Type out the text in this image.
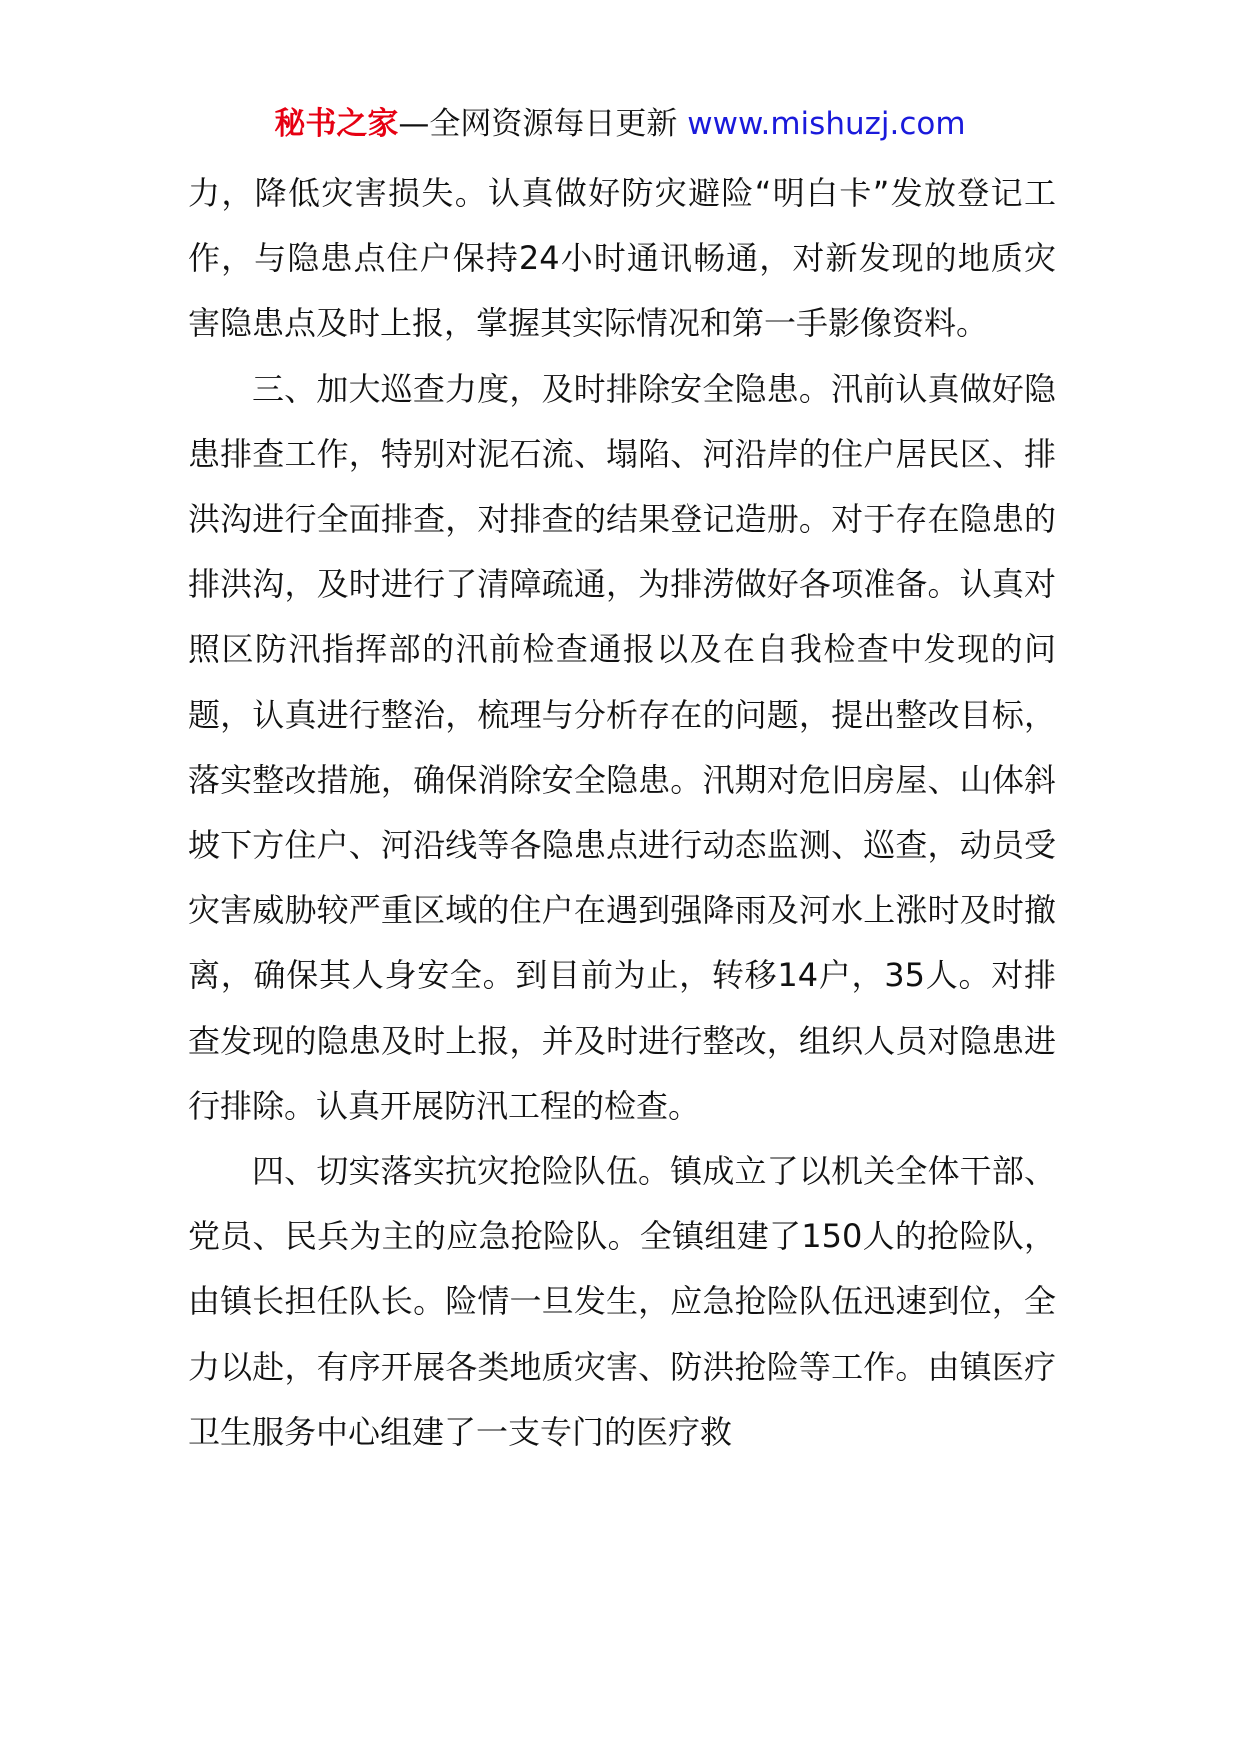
秘书之家—全网资源每日更新 www.mishuzj.com

力，降低灾害损失。认真做好防灾避险“明白卡”发放登记工作，与隐患点住户保持24小时通讯畅通，对新发现的地质灾害隐患点及时上报，掌握其实际情况和第一手影像资料。

三、加大巡查力度，及时排除安全隐患。汛前认真做好隐患排查工作，特别对泥石流、塌陷、河沿岸的住户居民区、排洪沟进行全面排查，对排查的结果登记造册。对于存在隐患的排洪沟，及时进行了清障疏通，为排涝做好各项准备。认真对照区防汛指挥部的汛前检查通报以及在自我检查中发现的问题，认真进行整治，梳理与分析存在的问题，提出整改目标，落实整改措施，确保消除安全隐患。汛期对危旧房屋、山体斜坡下方住户、河沿线等各隐患点进行动态监测、巡查，动员受灾害威胁较严重区域的住户在遇到强降雨及河水上涨时及时撤离，确保其人身安全。到目前为止，转移14户，35人。对排查发现的隐患及时上报，并及时进行整改，组织人员对隐患进行排除。认真开展防汛工程的检查。

四、切实落实抗灾抢险队伍。镇成立了以机关全体干部、党员、民兵为主的应急抢险队。全镇组建了150人的抢险队，由镇长担任队长。险情一旦发生，应急抢险队伍迅速到位，全力以赴，有序开展各类地质灾害、防洪抢险等工作。由镇医疗卫生服务中心组建了一支专门的医疗救
